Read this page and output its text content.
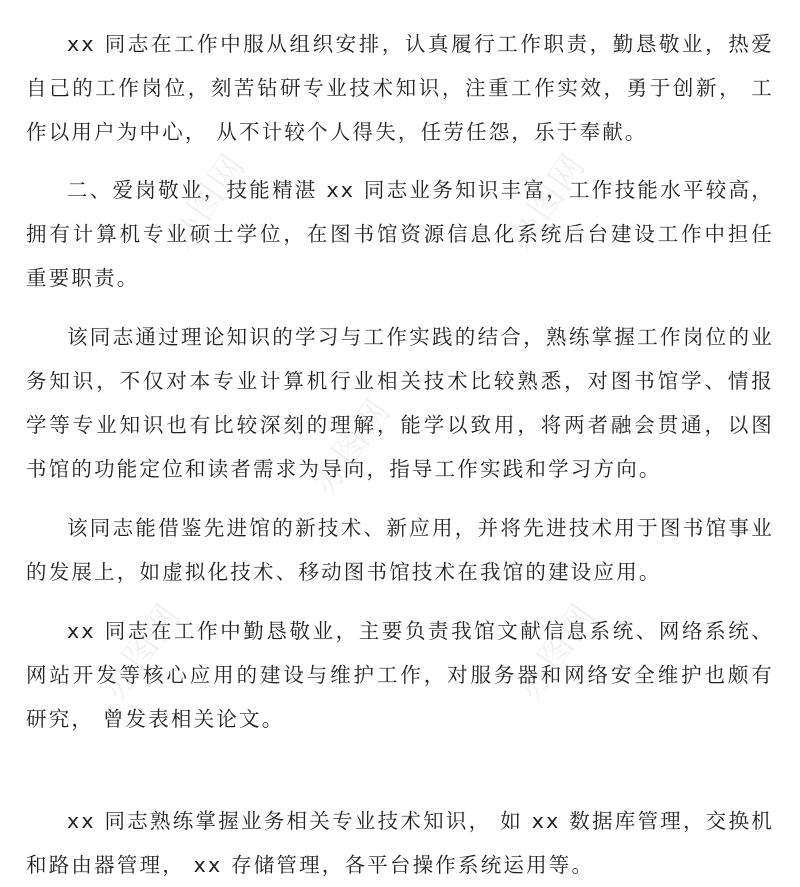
xx 同志在工作中服从组织安排，认真履行工作职责，勤恳敬业，热爱自己的工作岗位，刻苦钻研专业技术知识，注重工作实效，勇于创新， 工作以用户为中心， 从不计较个人得失，任劳任怨，乐于奉献。

二、爱岗敬业，技能精湛 xx 同志业务知识丰富，工作技能水平较高，拥有计算机专业硕士学位，在图书馆资源信息化系统后台建设工作中担任重要职责。

该同志通过理论知识的学习与工作实践的结合，熟练掌握工作岗位的业务知识，不仅对本专业计算机行业相关技术比较熟悉，对图书馆学、情报学等专业知识也有比较深刻的理解，能学以致用，将两者融会贯通，以图书馆的功能定位和读者需求为导向，指导工作实践和学习方向。

该同志能借鉴先进馆的新技术、新应用，并将先进技术用于图书馆事业的发展上，如虚拟化技术、移动图书馆技术在我馆的建设应用。

xx 同志在工作中勤恳敬业，主要负责我馆文献信息系统、网络系统、网站开发等核心应用的建设与维护工作，对服务器和网络安全维护也颇有研究， 曾发表相关论文。

xx 同志熟练掌握业务相关专业技术知识， 如 xx 数据库管理，交换机和路由器管理， xx 存储管理，各平台操作系统运用等。

办图网	办图网
办图网
办图网	办图网
